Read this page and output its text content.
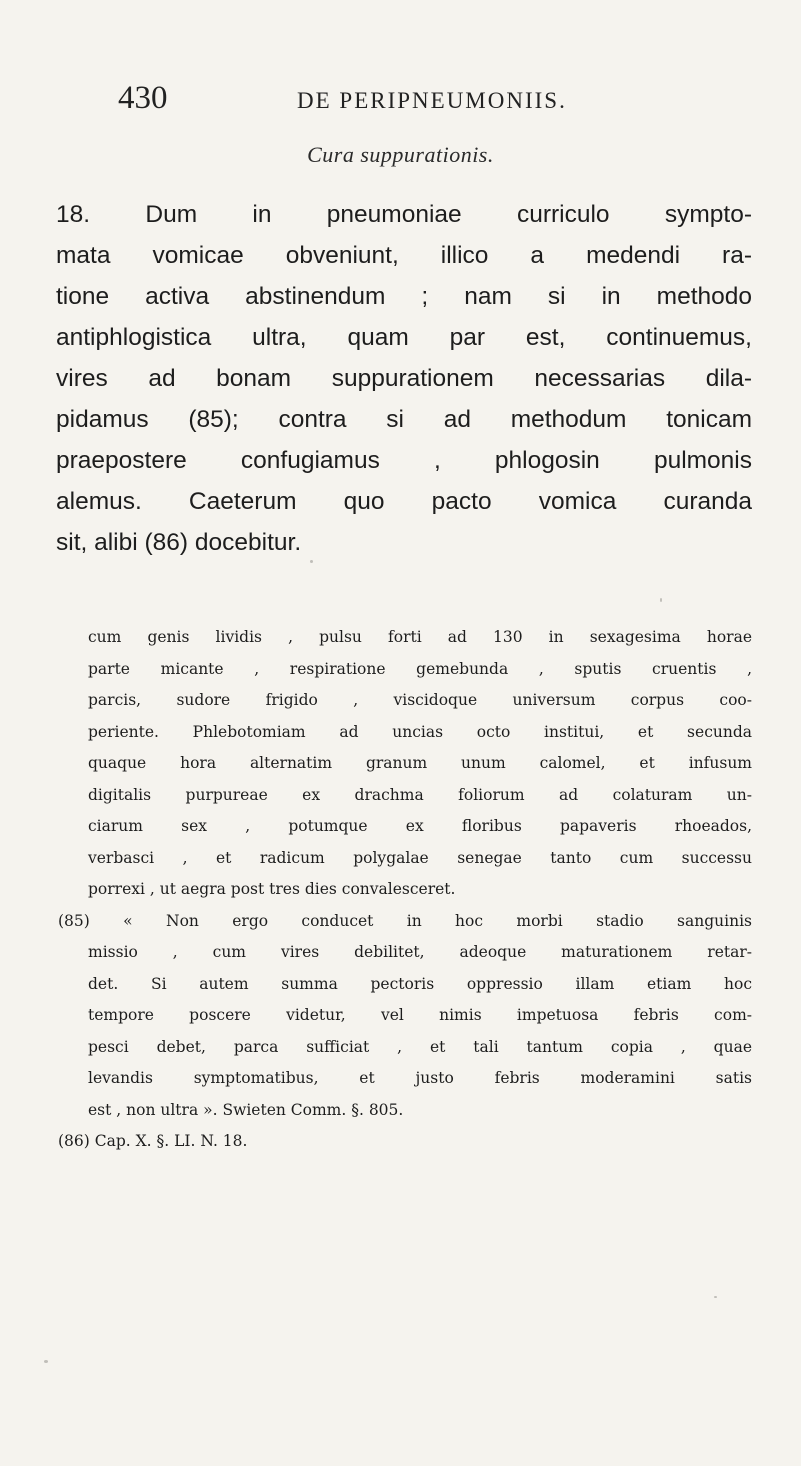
430	DE PERIPNEUMONIIS.
Cura suppurationis.
18. Dum in pneumoniae curriculo sympto-
mata vomicae obveniunt, illico a medendi ra-
tione activa abstinendum ; nam si in methodo
antiphlogistica ultra, quam par est, continuemus,
vires ad bonam suppurationem necessarias dila-
pidamus (85); contra si ad methodum tonicam
praepostere confugiamus , phlogosin pulmonis
alemus. Caeterum quo pacto vomica curanda
sit, alibi (86) docebitur.
cum genis lividis , pulsu forti ad 130 in sexagesima horae
parte micante , respiratione gemebunda , sputis cruentis ,
parcis, sudore frigido , viscidoque universum corpus coo-
periente. Phlebotomiam ad uncias octo institui, et secunda
quaque hora alternatim granum unum calomel, et infusum
digitalis purpureae ex drachma foliorum ad colaturam un-
ciarum sex , potumque ex floribus papaveris rhoeados,
verbasci , et radicum polygalae senegae tanto cum successu
porrexi , ut aegra post tres dies convalesceret.
(85) « Non ergo conducet in hoc morbi stadio sanguinis
missio , cum vires debilitet, adeoque maturationem retar-
det. Si autem summa pectoris oppressio illam etiam hoc
tempore poscere videtur, vel nimis impetuosa febris com-
pesci debet, parca sufficiat , et tali tantum copia , quae
levandis symptomatibus, et justo febris moderamini satis
est , non ultra ». Swieten Comm. §. 805.
(86) Cap. X. §. LI. N. 18.
